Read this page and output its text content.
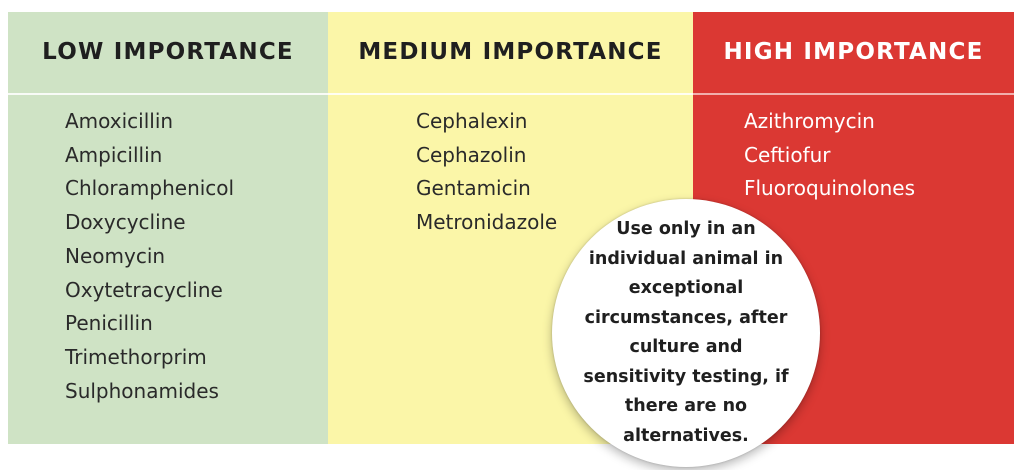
LOW IMPORTANCE
Amoxicillin
Ampicillin
Chloramphenicol
Doxycycline
Neomycin
Oxytetracycline
Penicillin
Trimethorprim
Sulphonamides
MEDIUM IMPORTANCE
Cephalexin
Cephazolin
Gentamicin
Metronidazole
HIGH IMPORTANCE
Azithromycin
Ceftiofur
Fluoroquinolones
Use only in an individual animal in exceptional circumstances, after culture and sensitivity testing, if there are no alternatives.
